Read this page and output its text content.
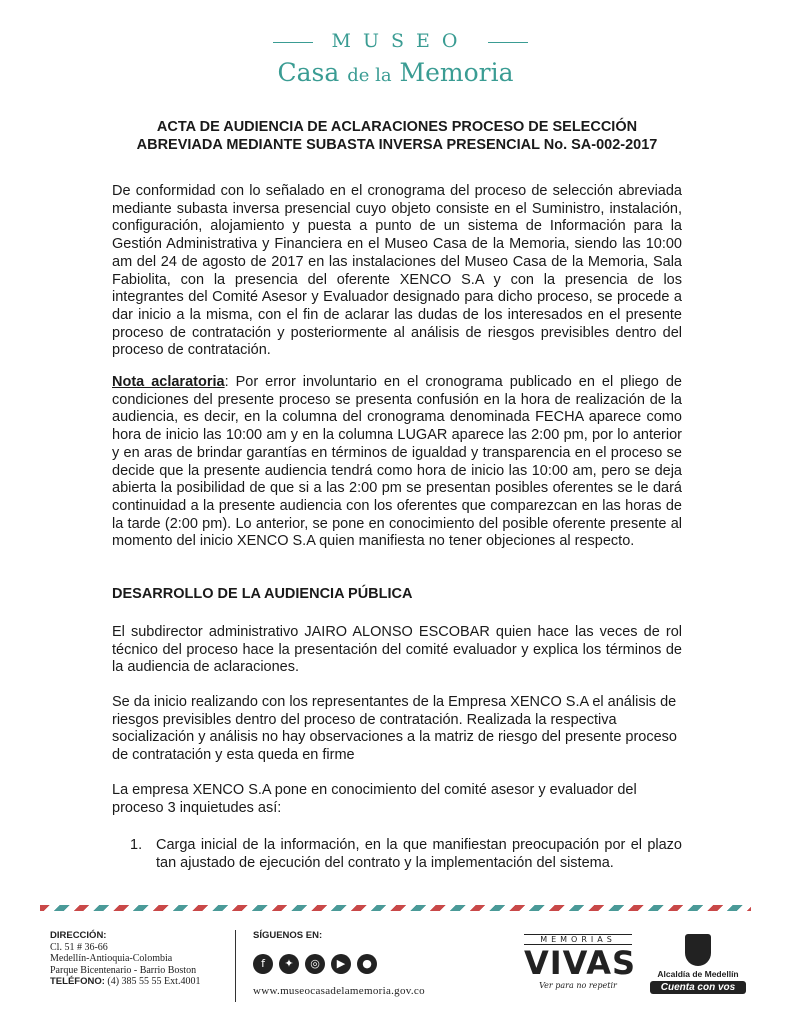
MUSEO
Casa de la Memoria
ACTA DE AUDIENCIA DE ACLARACIONES PROCESO DE SELECCIÓN
ABREVIADA MEDIANTE SUBASTA INVERSA PRESENCIAL No. SA-002-2017
De conformidad con lo señalado en el cronograma del proceso de selección abreviada mediante subasta inversa presencial cuyo objeto consiste en el Suministro, instalación, configuración, alojamiento y puesta a punto de un sistema de Información para la Gestión Administrativa y Financiera en el Museo Casa de la Memoria, siendo las 10:00 am del 24 de agosto de 2017 en las instalaciones del Museo Casa de la Memoria, Sala Fabiolita, con la presencia del oferente XENCO S.A y con la presencia de los integrantes del Comité Asesor y Evaluador designado para dicho proceso, se procede a dar inicio a la misma, con el fin de aclarar las dudas de los interesados en el presente proceso de contratación y posteriormente al análisis de riesgos previsibles dentro del proceso de contratación.
Nota aclaratoria: Por error involuntario en el cronograma publicado en el pliego de condiciones del presente proceso se presenta confusión en la hora de realización de la audiencia, es decir, en la columna del cronograma denominada FECHA aparece como hora de inicio las 10:00 am y en la columna LUGAR aparece las 2:00 pm, por lo anterior y en aras de brindar garantías en términos de igualdad y transparencia en el proceso se decide que la presente audiencia tendrá como hora de inicio las 10:00 am, pero se deja abierta la posibilidad de que si a las 2:00 pm se presentan posibles oferentes se le dará continuidad a la presente audiencia con los oferentes que comparezcan en las horas de la tarde (2:00 pm). Lo anterior, se pone en conocimiento del posible oferente presente al momento del inicio XENCO S.A quien manifiesta no tener objeciones al respecto.
DESARROLLO DE LA AUDIENCIA PÚBLICA
El subdirector administrativo JAIRO ALONSO ESCOBAR quien hace las veces de rol técnico del proceso hace la presentación del comité evaluador y explica los términos de la audiencia de aclaraciones.
Se da inicio realizando con los representantes de la Empresa XENCO S.A el análisis de riesgos previsibles dentro del proceso de contratación. Realizada la respectiva socialización y análisis no hay observaciones a la matriz de riesgo del presente proceso de contratación y esta queda en firme
La empresa XENCO S.A pone en conocimiento del comité asesor y evaluador del proceso 3 inquietudes así:
1. Carga inicial de la información, en la que manifiestan preocupación por el plazo tan ajustado de ejecución del contrato y la implementación del sistema.
DIRECCIÓN:
Cl. 51 # 36-66
Medellín-Antioquia-Colombia
Parque Bicentenario - Barrio Boston
TELÉFONO: (4) 385 55 55 Ext.4001
SÍGUENOS EN:
f	✦	◎	▶	●
www.museocasadelamemoria.gov.co
MEMORIAS
VIVAS
Ver para no repetir
Alcaldía de Medellín
Cuenta con vos
